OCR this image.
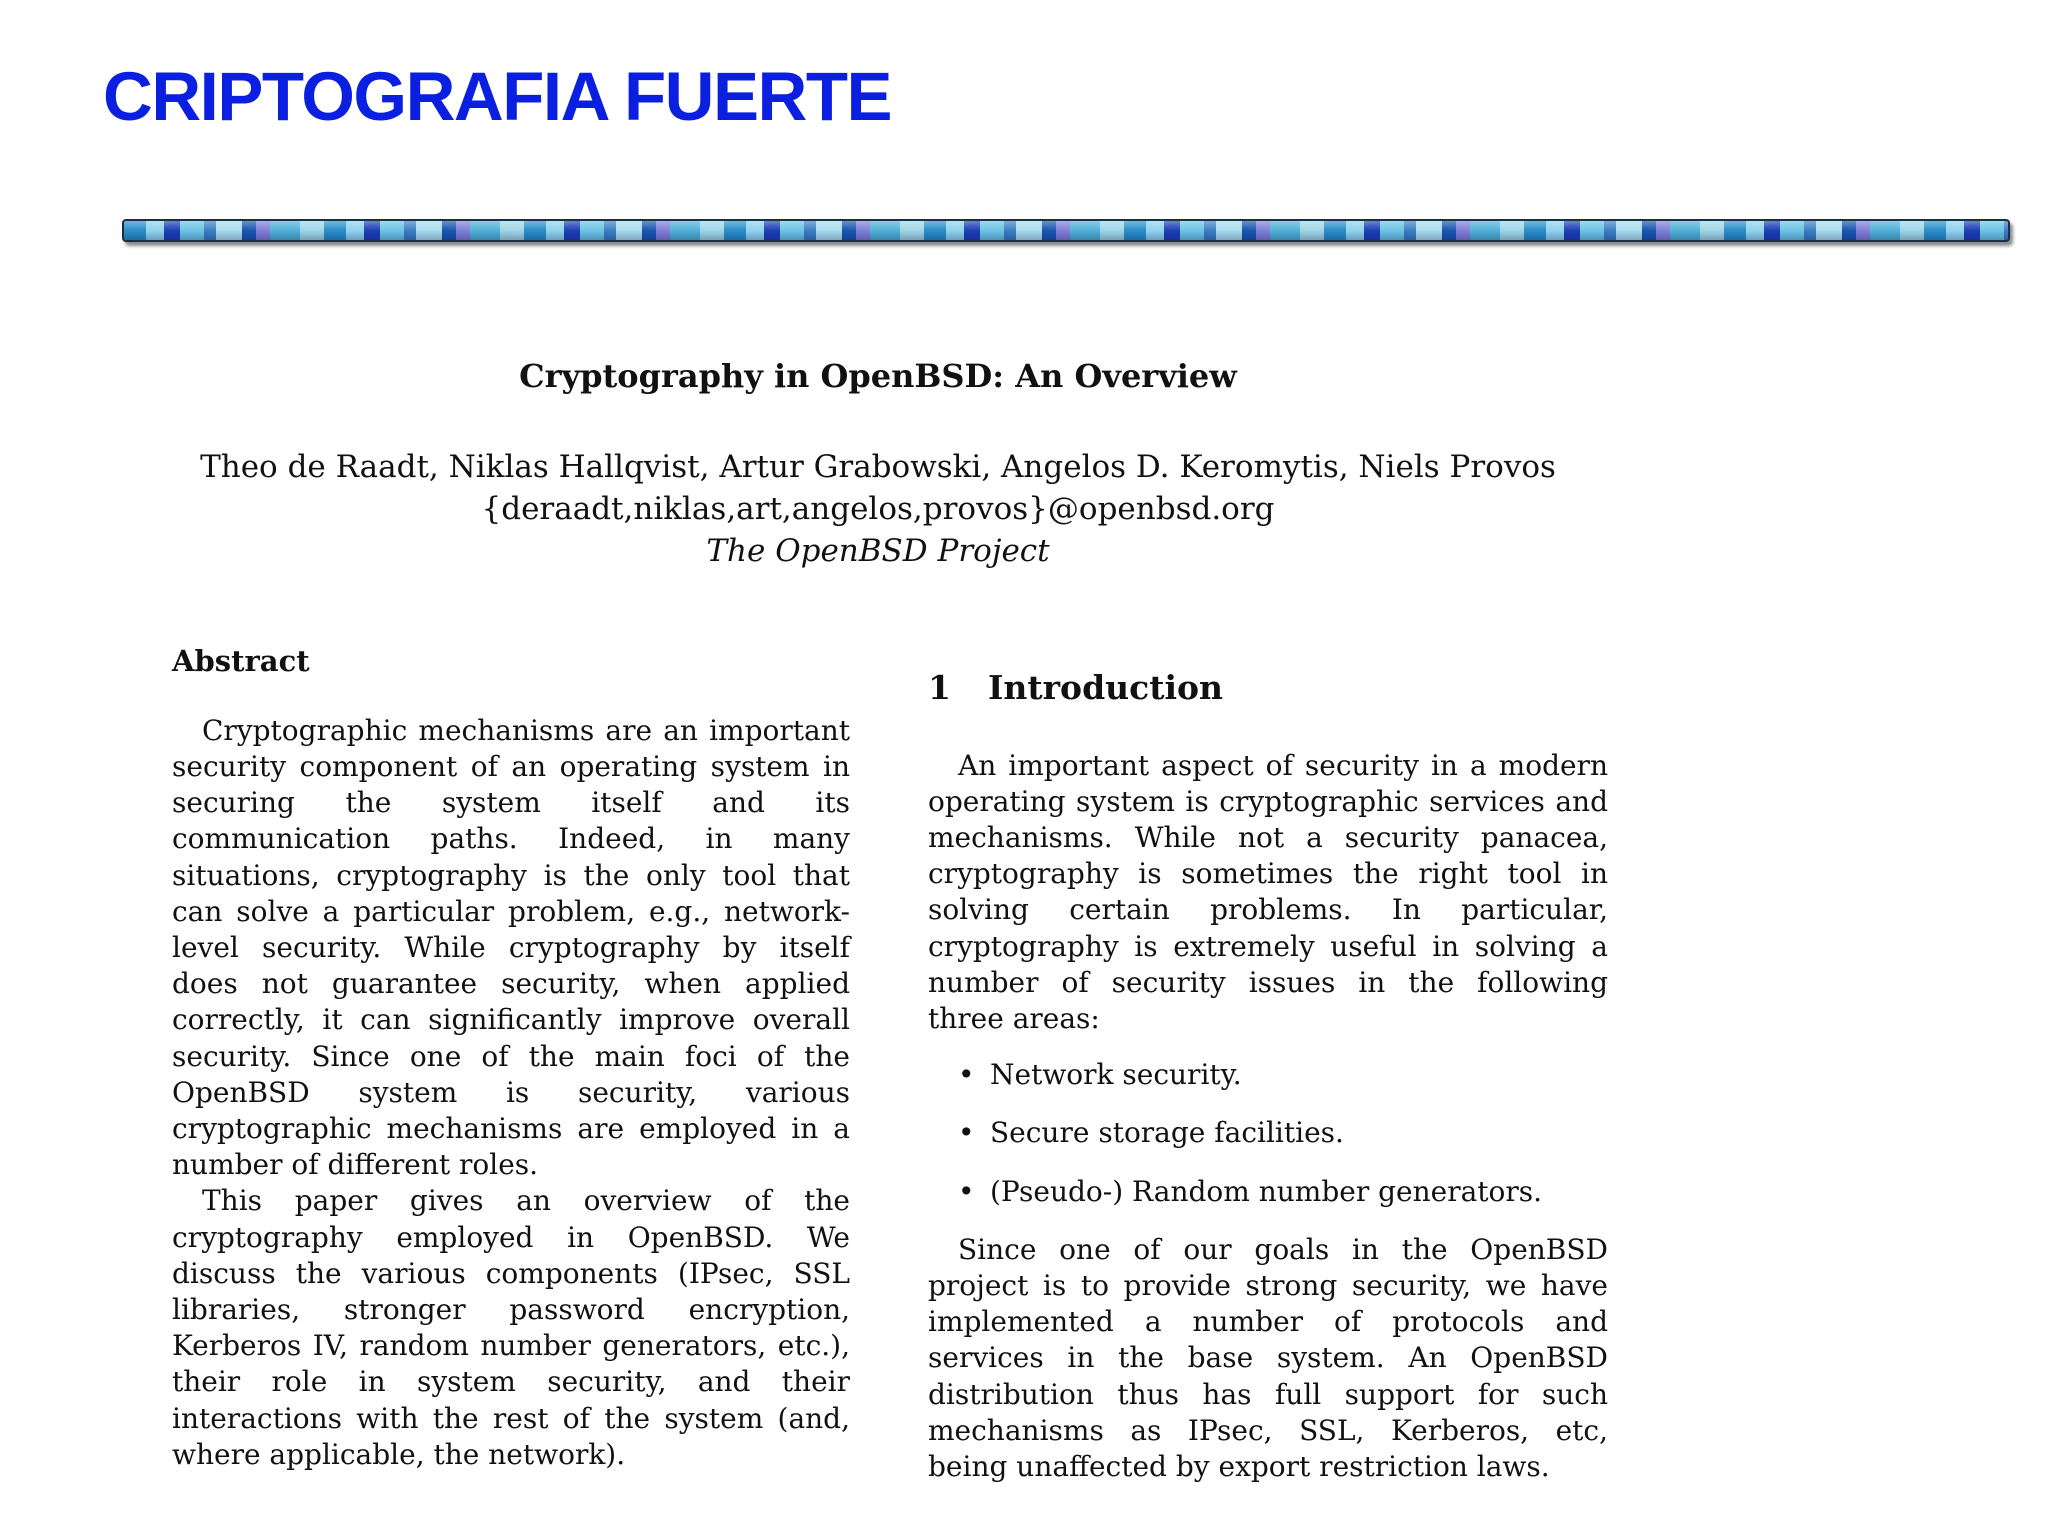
CRIPTOGRAFIA FUERTE
Cryptography in OpenBSD: An Overview
Theo de Raadt, Niklas Hallqvist, Artur Grabowski, Angelos D. Keromytis, Niels Provos
{deraadt,niklas,art,angelos,provos}@openbsd.org
The OpenBSD Project
Abstract

Cryptographic mechanisms are an important security component of an operating system in securing the system itself and its communication paths. Indeed, in many situations, cryptography is the only tool that can solve a particular problem, e.g., network-level security. While cryptography by itself does not guarantee security, when applied correctly, it can significantly improve overall security. Since one of the main foci of the OpenBSD system is security, various cryptographic mechanisms are employed in a number of different roles.

This paper gives an overview of the cryptography employed in OpenBSD. We discuss the various components (IPsec, SSL libraries, stronger password encryption, Kerberos IV, random number generators, etc.), their role in system security, and their interactions with the rest of the system (and, where applicable, the network).

1 Introduction

An important aspect of security in a modern operating system is cryptographic services and mechanisms. While not a security panacea, cryptography is sometimes the right tool in solving certain problems. In particular, cryptography is extremely useful in solving a number of security issues in the following three areas:

• Network security.
• Secure storage facilities.
• (Pseudo-) Random number generators.

Since one of our goals in the OpenBSD project is to provide strong security, we have implemented a number of protocols and services in the base system. An OpenBSD distribution thus has full support for such mechanisms as IPsec, SSL, Kerberos, etc, being unaffected by export restriction laws.
